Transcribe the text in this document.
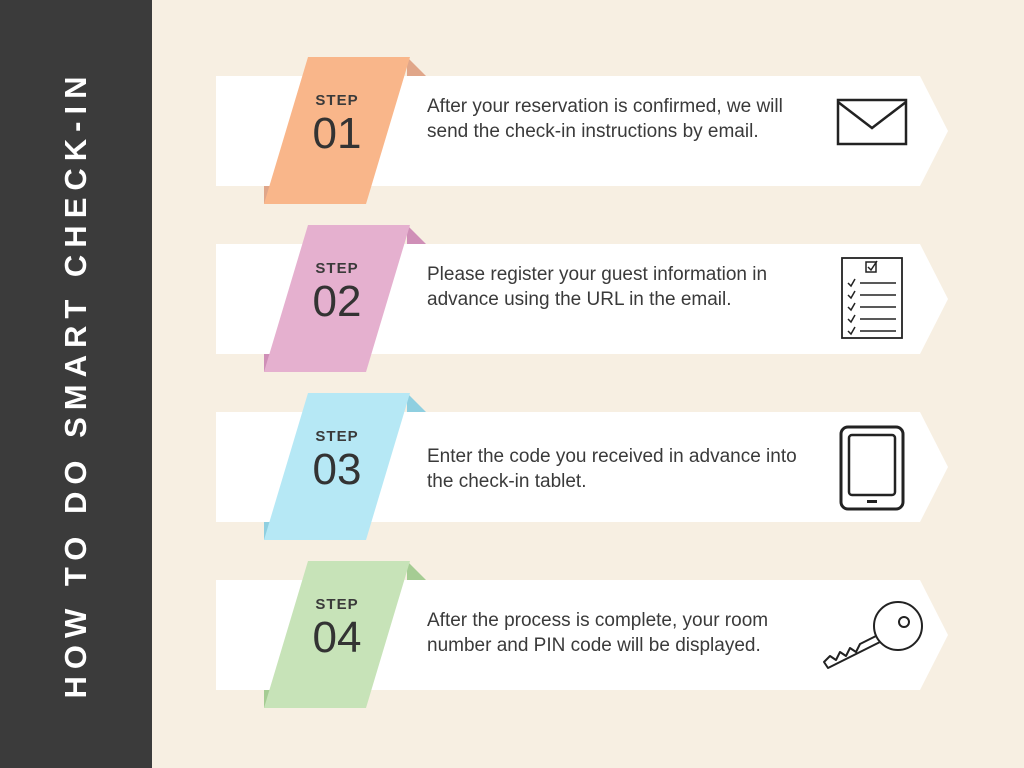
HOW TO DO SMART CHECK-IN	STEP
01
After your reservation is confirmed, we will send the check-in instructions by email.
STEP
02
Please register your guest information in advance using the URL in the email.
STEP
03	Enter the code you received in advance into the check-in tablet.
STEP
04	After the process is complete, your room number and PIN code will be displayed.
